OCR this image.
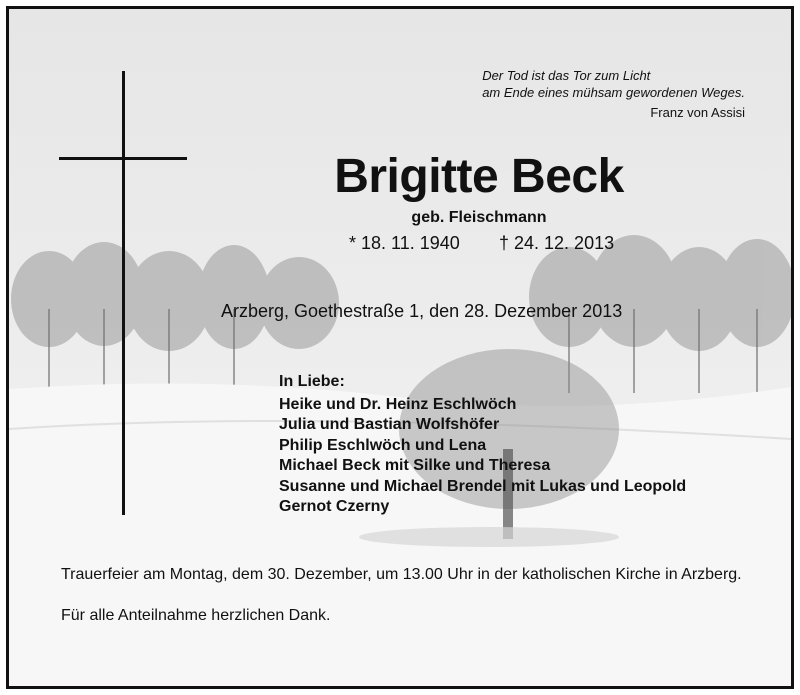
Der Tod ist das Tor zum Licht
am Ende eines mühsam gewordenen Weges.
Franz von Assisi
Brigitte Beck
geb. Fleischmann
* 18. 11. 1940 † 24. 12. 2013
Arzberg, Goethestraße 1, den 28. Dezember 2013
In Liebe:
Heike und Dr. Heinz Eschlwöch
Julia und Bastian Wolfshöfer
Philip Eschlwöch und Lena
Michael Beck mit Silke und Theresa
Susanne und Michael Brendel mit Lukas und Leopold
Gernot Czerny
Trauerfeier am Montag, dem 30. Dezember, um 13.00 Uhr in der katholischen Kirche in Arzberg.
Für alle Anteilnahme herzlichen Dank.
